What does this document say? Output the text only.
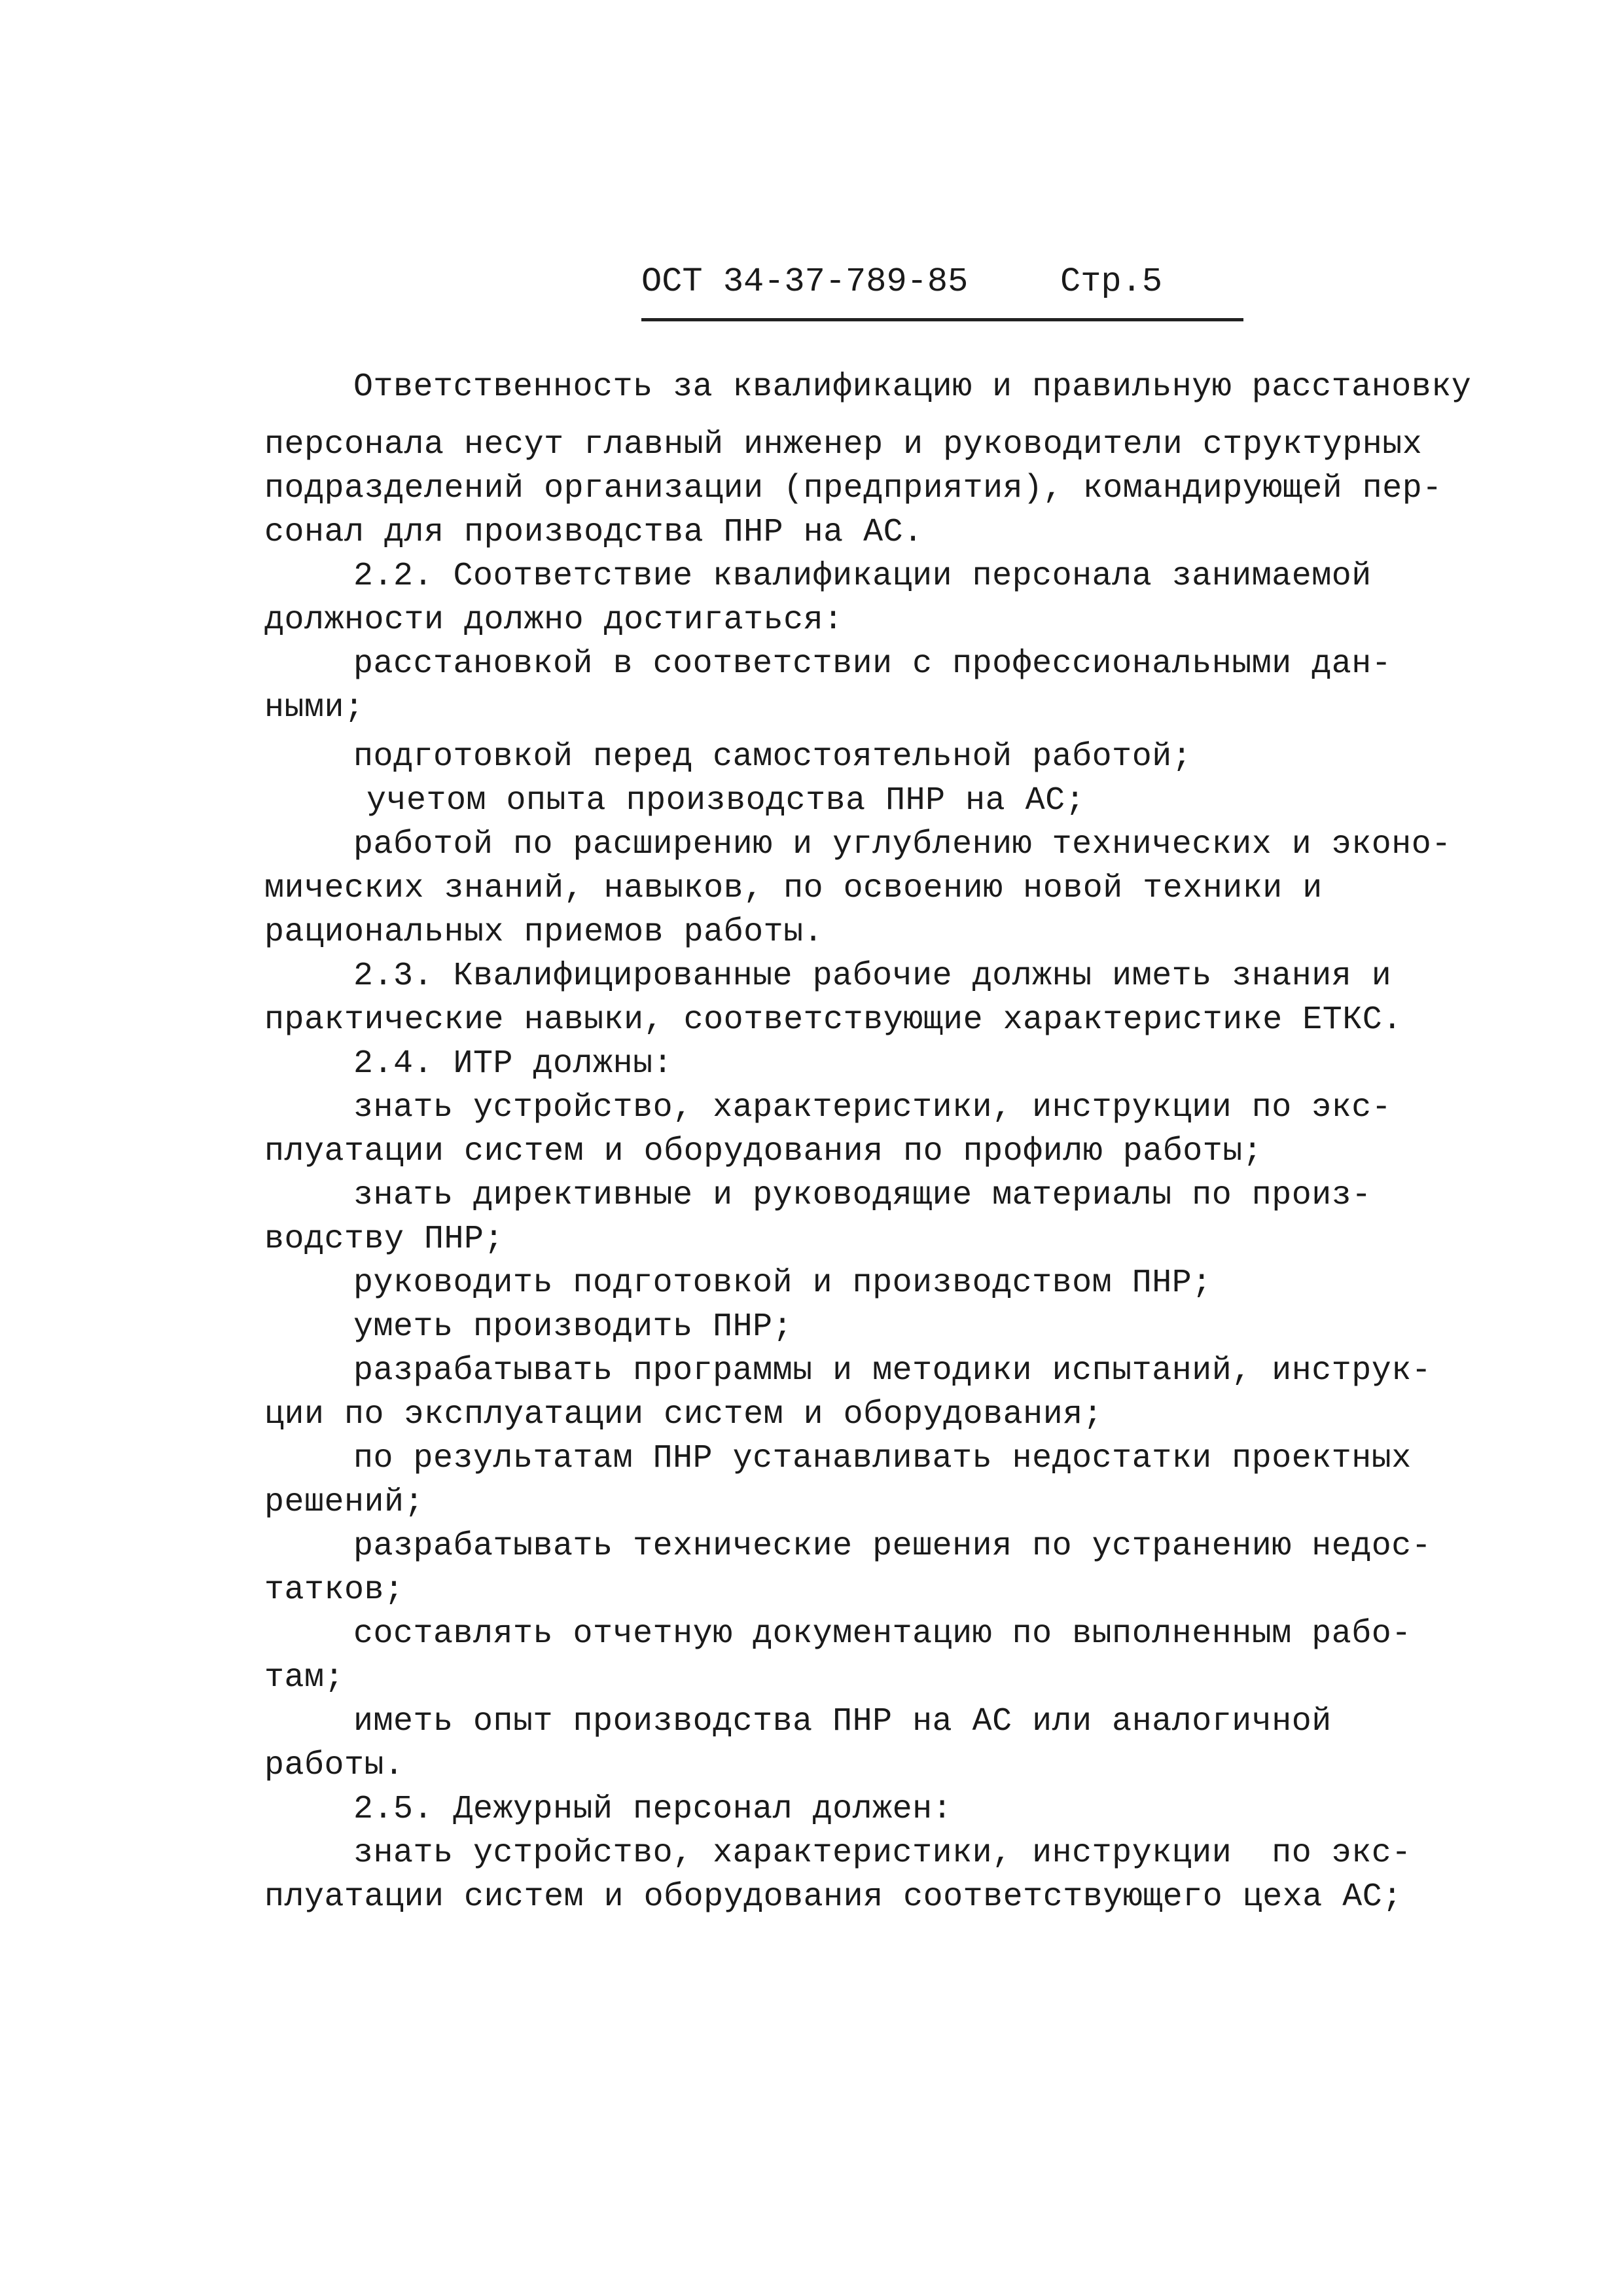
ОСТ 34-37-789-85	Стр.5
Ответственность за квалификацию и правильную расстановку
персонала несут главный инженер и руководители структурных
подразделений организации (предприятия), командирующей пер-
сонал для производства ПНР на АС.
2.2. Соответствие квалификации персонала занимаемой
должности должно достигаться:
расстановкой в соответствии с профессиональными дан-
ными;
подготовкой перед самостоятельной работой;
учетом опыта производства ПНР на АС;
работой по расширению и углублению технических и эконо-
мических знаний, навыков, по освоению новой техники и
рациональных приемов работы.
2.3. Квалифицированные рабочие должны иметь знания и
практические навыки, соответствующие характеристике ЕТКС.
2.4. ИТР должны:
знать устройство, характеристики, инструкции по экс-
плуатации систем и оборудования по профилю работы;
знать директивные и руководящие материалы по произ-
водству ПНР;
руководить подготовкой и производством ПНР;
уметь производить ПНР;
разрабатывать программы и методики испытаний, инструк-
ции по эксплуатации систем и оборудования;
по результатам ПНР устанавливать недостатки проектных
решений;
разрабатывать технические решения по устранению недос-
татков;
составлять отчетную документацию по выполненным рабо-
там;
иметь опыт производства ПНР на АС или аналогичной
работы.
2.5. Дежурный персонал должен:
знать устройство, характеристики, инструкции  по экс-
плуатации систем и оборудования соответствующего цеха АС;
